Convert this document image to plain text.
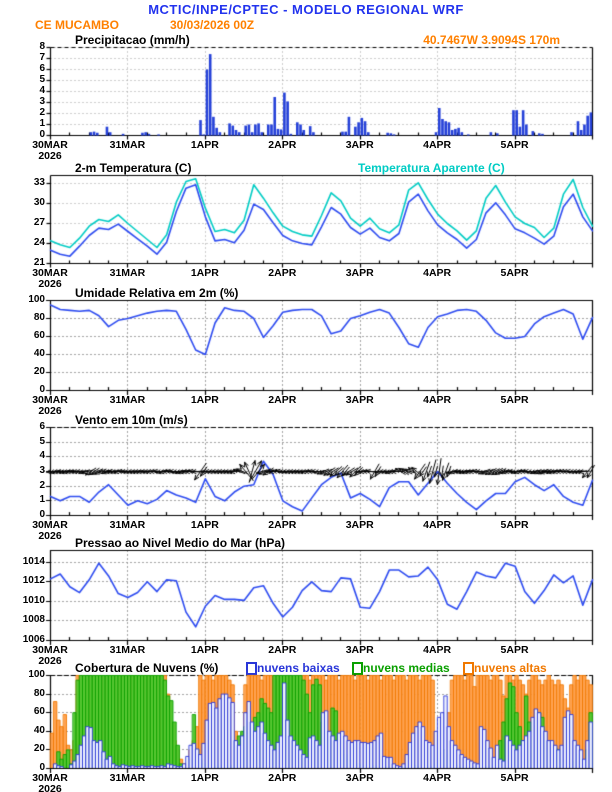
0
1
2
3
4
5
6
7
8
30MAR
2026
31MAR	1APR	2APR	3APR	4APR	5APR
21
24
27
30
33
30MAR
2026
31MAR	1APR	2APR	3APR	4APR	5APR
0
20
40
60
80
100
30MAR
2026
31MAR	1APR	2APR	3APR	4APR	5APR
0
1
2
3
4
5
6
30MAR
2026
31MAR	1APR	2APR	3APR	4APR	5APR
1006
1008
1010
1012
1014
30MAR
2026
31MAR	1APR	2APR	3APR	4APR	5APR
0
20
40
60
80
100
30MAR
2026
31MAR	1APR	2APR	3APR	4APR	5APR
